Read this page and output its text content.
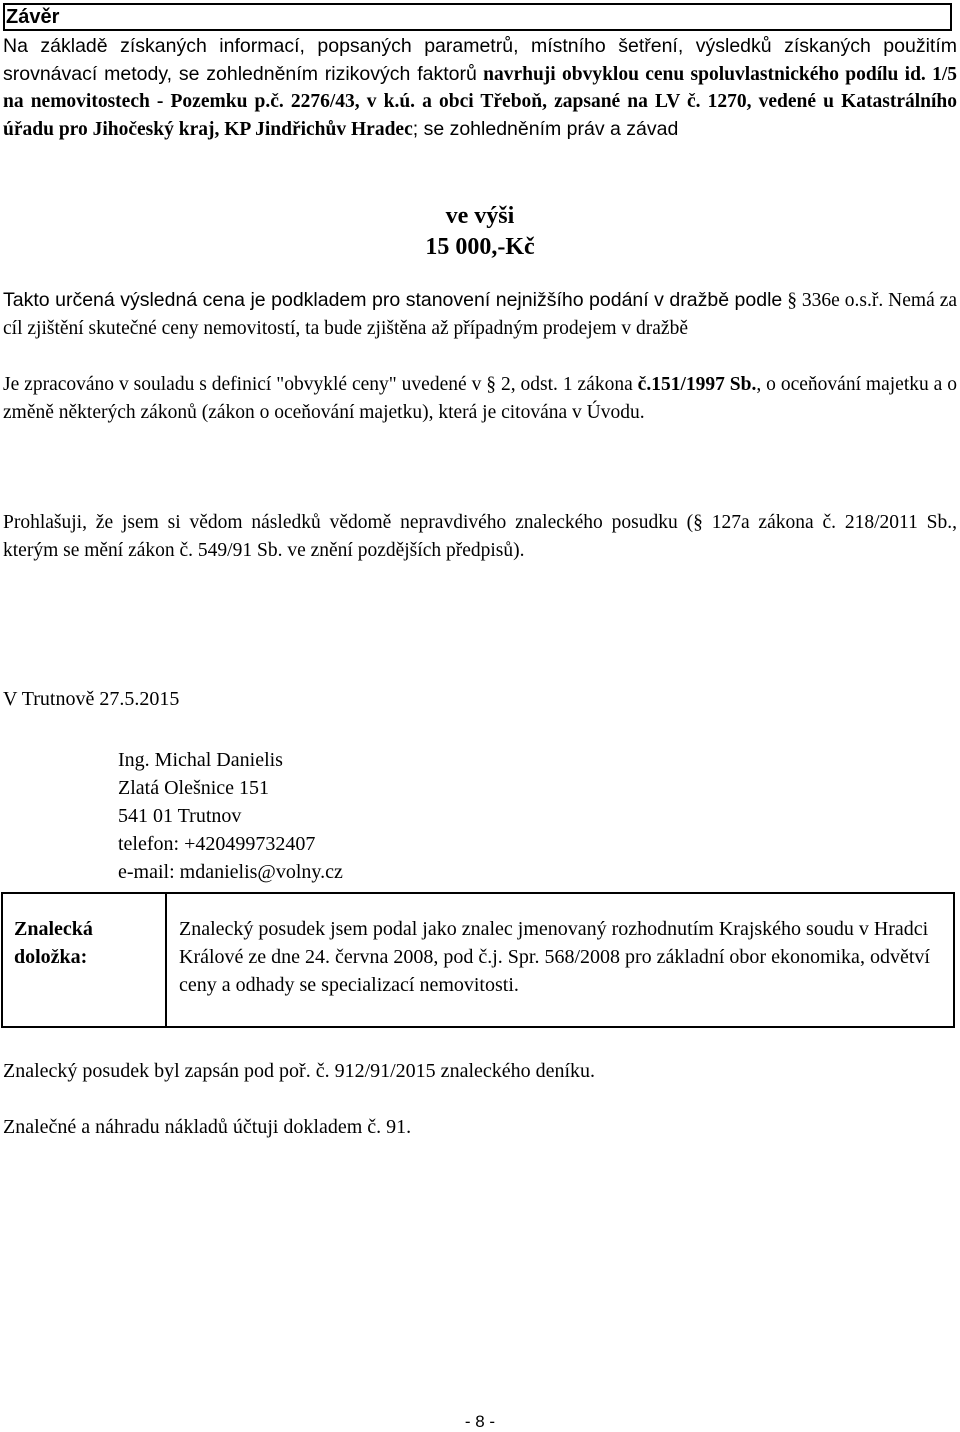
Závěr
Na základě získaných informací, popsaných parametrů, místního šetření, výsledků získaných použitím srovnávací metody, se zohledněním rizikových faktorů navrhuji obvyklou cenu spoluvlastnického podílu id. 1/5 na nemovitostech - Pozemku p.č. 2276/43, v k.ú. a obci Třeboň, zapsané na LV č. 1270, vedené u Katastrálního úřadu pro Jihočeský kraj, KP Jindřichův Hradec; se zohledněním práv a závad
ve výši
15 000,-Kč
Takto určená výsledná cena je podkladem pro stanovení nejnižšího podání v dražbě podle § 336e o.s.ř. Nemá za cíl zjištění skutečné ceny nemovitostí, ta bude zjištěna až případným prodejem v dražbě
Je zpracováno v souladu s definicí "obvyklé ceny" uvedené v § 2, odst. 1 zákona č.151/1997 Sb., o oceňování majetku a o změně některých zákonů (zákon o oceňování majetku), která je citována v Úvodu.
Prohlašuji, že jsem si vědom následků vědomě nepravdivého znaleckého posudku (§ 127a zákona č. 218/2011 Sb., kterým se mění zákon č. 549/91 Sb. ve znění pozdějších předpisů).
V Trutnově 27.5.2015
Ing. Michal Danielis
Zlatá Olešnice 151
541 01 Trutnov
telefon: +420499732407
e-mail: mdanielis@volny.cz
Znalecká
doložka:
Znalecký posudek jsem podal jako znalec jmenovaný rozhodnutím Krajského soudu v Hradci Králové ze dne 24. června 2008, pod č.j. Spr. 568/2008 pro základní obor ekonomika, odvětví ceny a odhady se specializací nemovitosti.
Znalecký posudek byl zapsán pod poř. č. 912/91/2015 znaleckého deníku.
Znalečné a náhradu nákladů účtuji dokladem č. 91.
- 8 -
